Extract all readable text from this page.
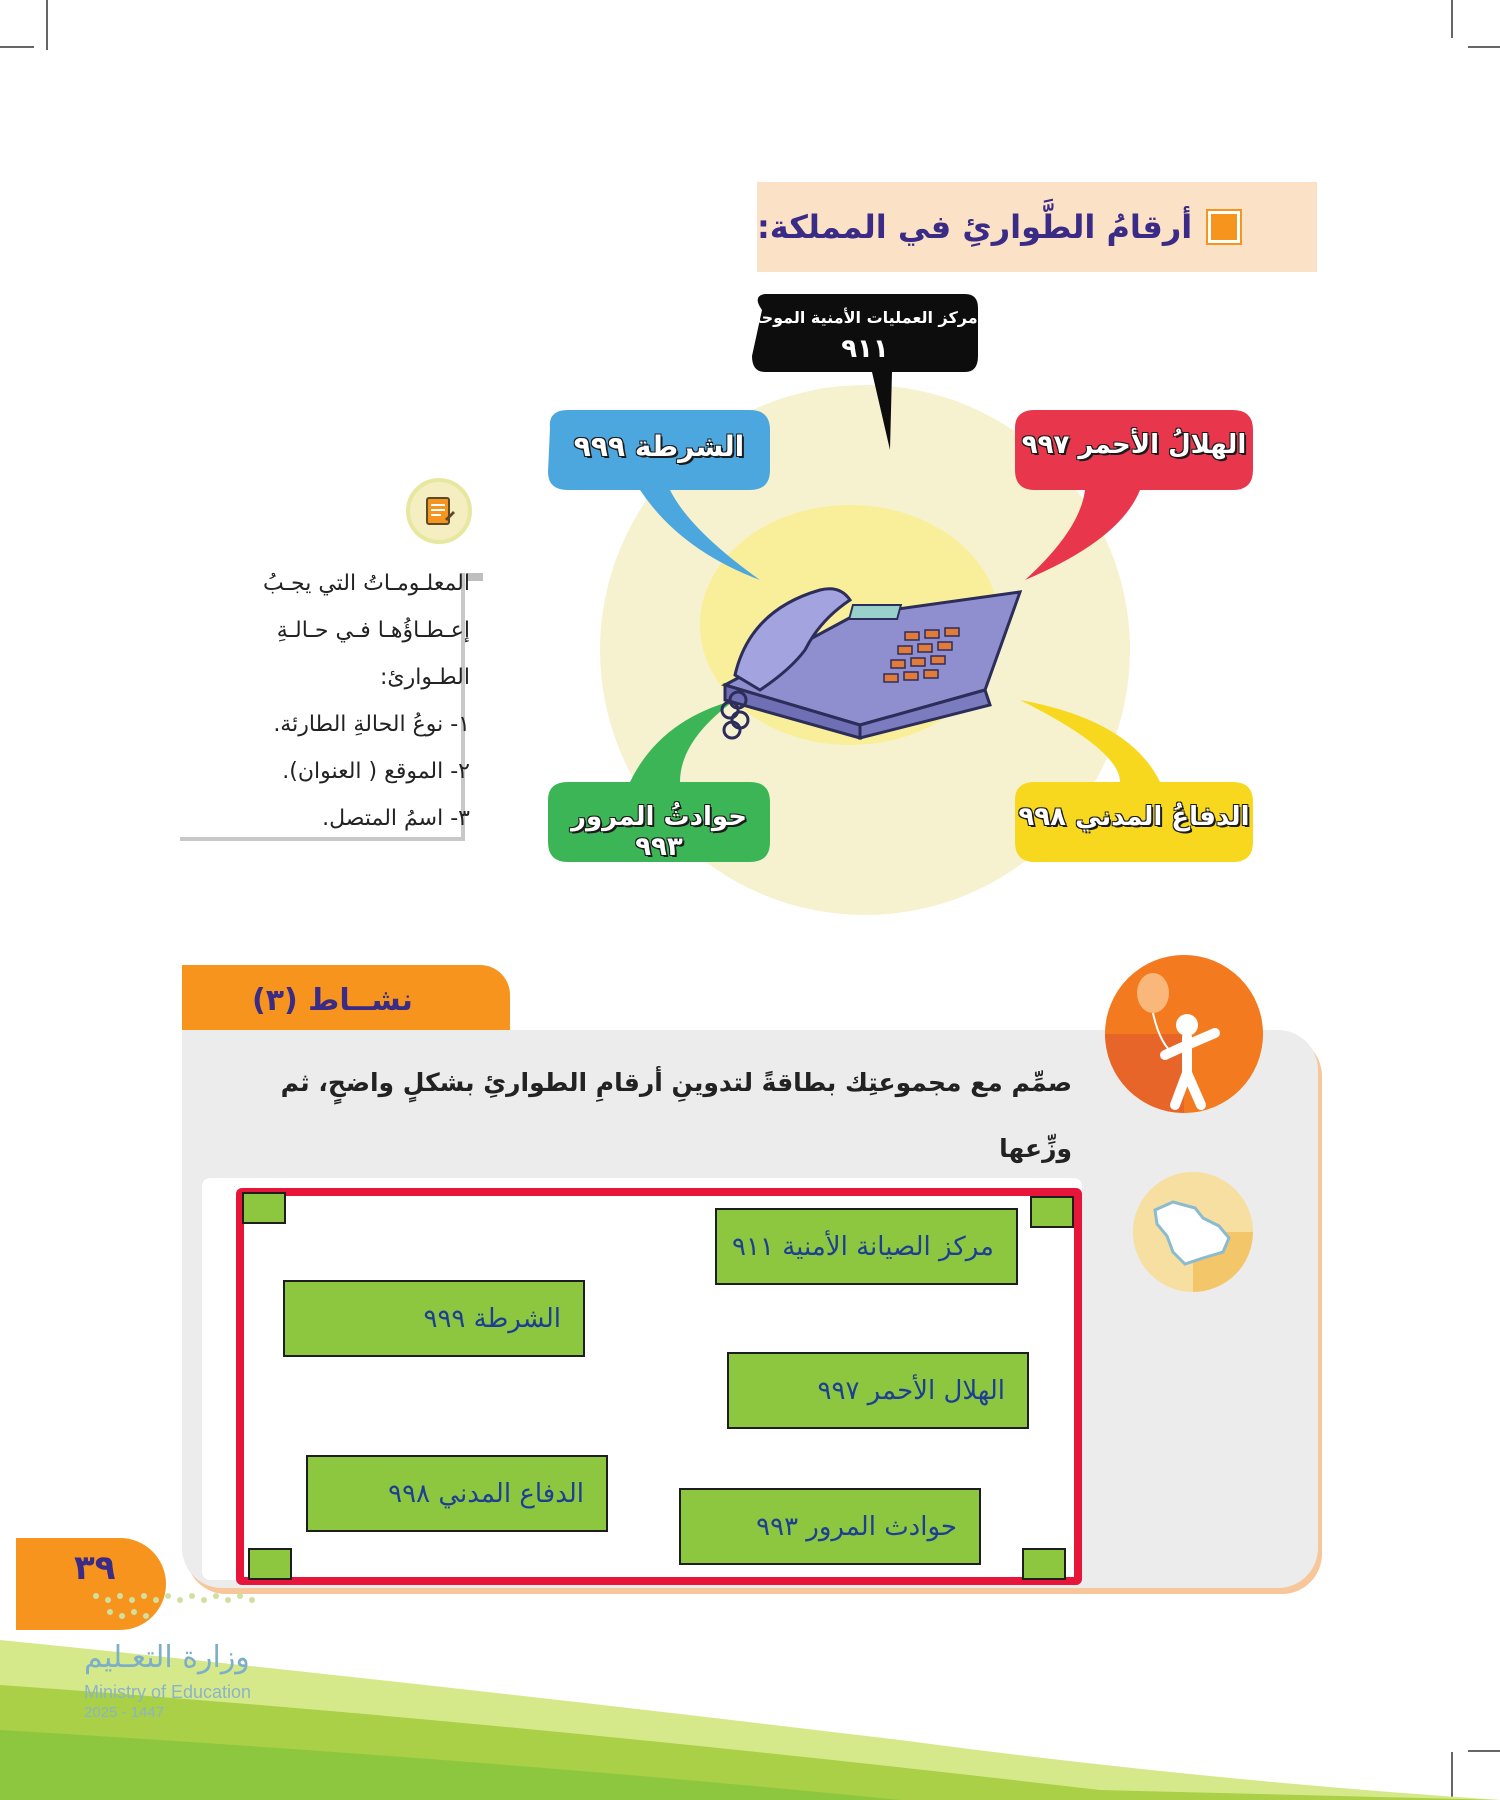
أرقامُ الطَّوارئِ في المملكة:
مركز العمليات الأمنية الموحد
٩١١
الشرطة ٩٩٩	الهلالُ الأحمر ٩٩٧
حوادثُ المرور ٩٩٣
الدفاعُ المدني ٩٩٨
المعلـومـاتُ التي يجـبُ
إعـطـاؤُهـا فـي حـالـةِ
الطـوارئ:
١- نوعُ الحالةِ الطارئة.
٢- الموقع ( العنوان).
٣- اسمُ المتصل.
نشــاط (٣)
صمِّم مع مجموعتِك بطاقةً لتدوينِ أرقامِ الطوارئِ بشكلٍ واضحٍ، ثم وزِّعها
مركز الصيانة الأمنية ٩١١
الشرطة ٩٩٩
الهلال الأحمر ٩٩٧
الدفاع المدني ٩٩٨
حوادث المرور ٩٩٣
٣٩
وزارة التعـليم
Ministry of Education
2025 - 1447
